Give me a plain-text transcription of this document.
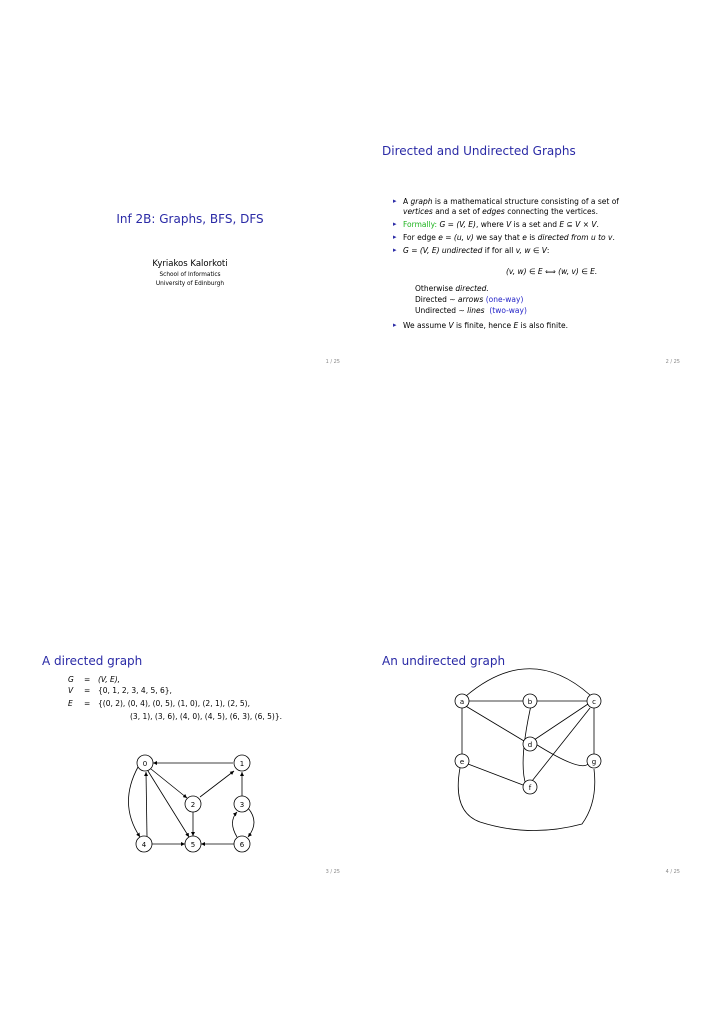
Inf 2B: Graphs, BFS, DFS
Kyriakos Kalorkoti
School of Informatics
University of Edinburgh
1 / 25
Directed and Undirected Graphs
▸ A graph is a mathematical structure consisting of a set of
vertices and a set of edges connecting the vertices.
▸ Formally: G = (V, E), where V is a set and E ⊆ V × V.
▸ For edge e = (u, v) we say that e is directed from u to v.
▸ G = (V, E) undirected if for all v, w ∈ V:
(v, w) ∈ E ⟺ (w, v) ∈ E.
Otherwise directed.
Directed ∼ arrows (one-way)
Undirected ∼ lines (two-way)
▸ We assume V is finite, hence E is also finite.
2 / 25
A directed graph
G = (V, E),
V = {0, 1, 2, 3, 4, 5, 6},
E = {(0, 2), (0, 4), (0, 5), (1, 0), (2, 1), (2, 5),
(3, 1), (3, 6), (4, 0), (4, 5), (6, 3), (6, 5)}.
0	1
2	3
4	5	6
3 / 25
An undirected graph
a	b	c
d
e
f
g
4 / 25
